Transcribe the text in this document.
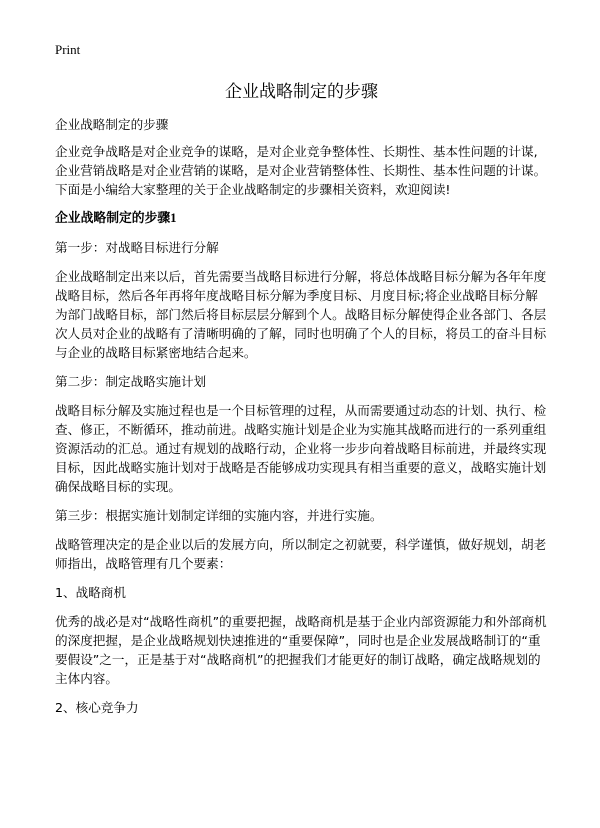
Print
企业战略制定的步骤

企业战略制定的步骤

企业竞争战略是对企业竞争的谋略，是对企业竞争整体性、长期性、基本性问题的计谋,企业营销战略是对企业营销的谋略，是对企业营销整体性、长期性、基本性问题的计谋。下面是小编给大家整理的关于企业战略制定的步骤相关资料，欢迎阅读!

企业战略制定的步骤1

第一步：对战略目标进行分解

企业战略制定出来以后，首先需要当战略目标进行分解，将总体战略目标分解为各年年度战略目标，然后各年再将年度战略目标分解为季度目标、月度目标;将企业战略目标分解为部门战略目标，部门然后将目标层层分解到个人。战略目标分解使得企业各部门、各层次人员对企业的战略有了清晰明确的了解，同时也明确了个人的目标，将员工的奋斗目标与企业的战略目标紧密地结合起来。

第二步：制定战略实施计划

战略目标分解及实施过程也是一个目标管理的过程，从而需要通过动态的计划、执行、检查、修正，不断循环，推动前进。战略实施计划是企业为实施其战略而进行的一系列重组资源活动的汇总。通过有规划的战略行动，企业将一步步向着战略目标前进，并最终实现目标，因此战略实施计划对于战略是否能够成功实现具有相当重要的意义，战略实施计划确保战略目标的实现。

第三步：根据实施计划制定详细的实施内容，并进行实施。

战略管理决定的是企业以后的发展方向，所以制定之初就要，科学谨慎，做好规划，胡老师指出，战略管理有几个要素：

1、战略商机

优秀的战必是对“战略性商机”的重要把握，战略商机是基于企业内部资源能力和外部商机的深度把握，是企业战略规划快速推进的“重要保障”，同时也是企业发展战略制订的“重要假设”之一，正是基于对“战略商机”的把握我们才能更好的制订战略，确定战略规划的主体内容。

2、核心竞争力
